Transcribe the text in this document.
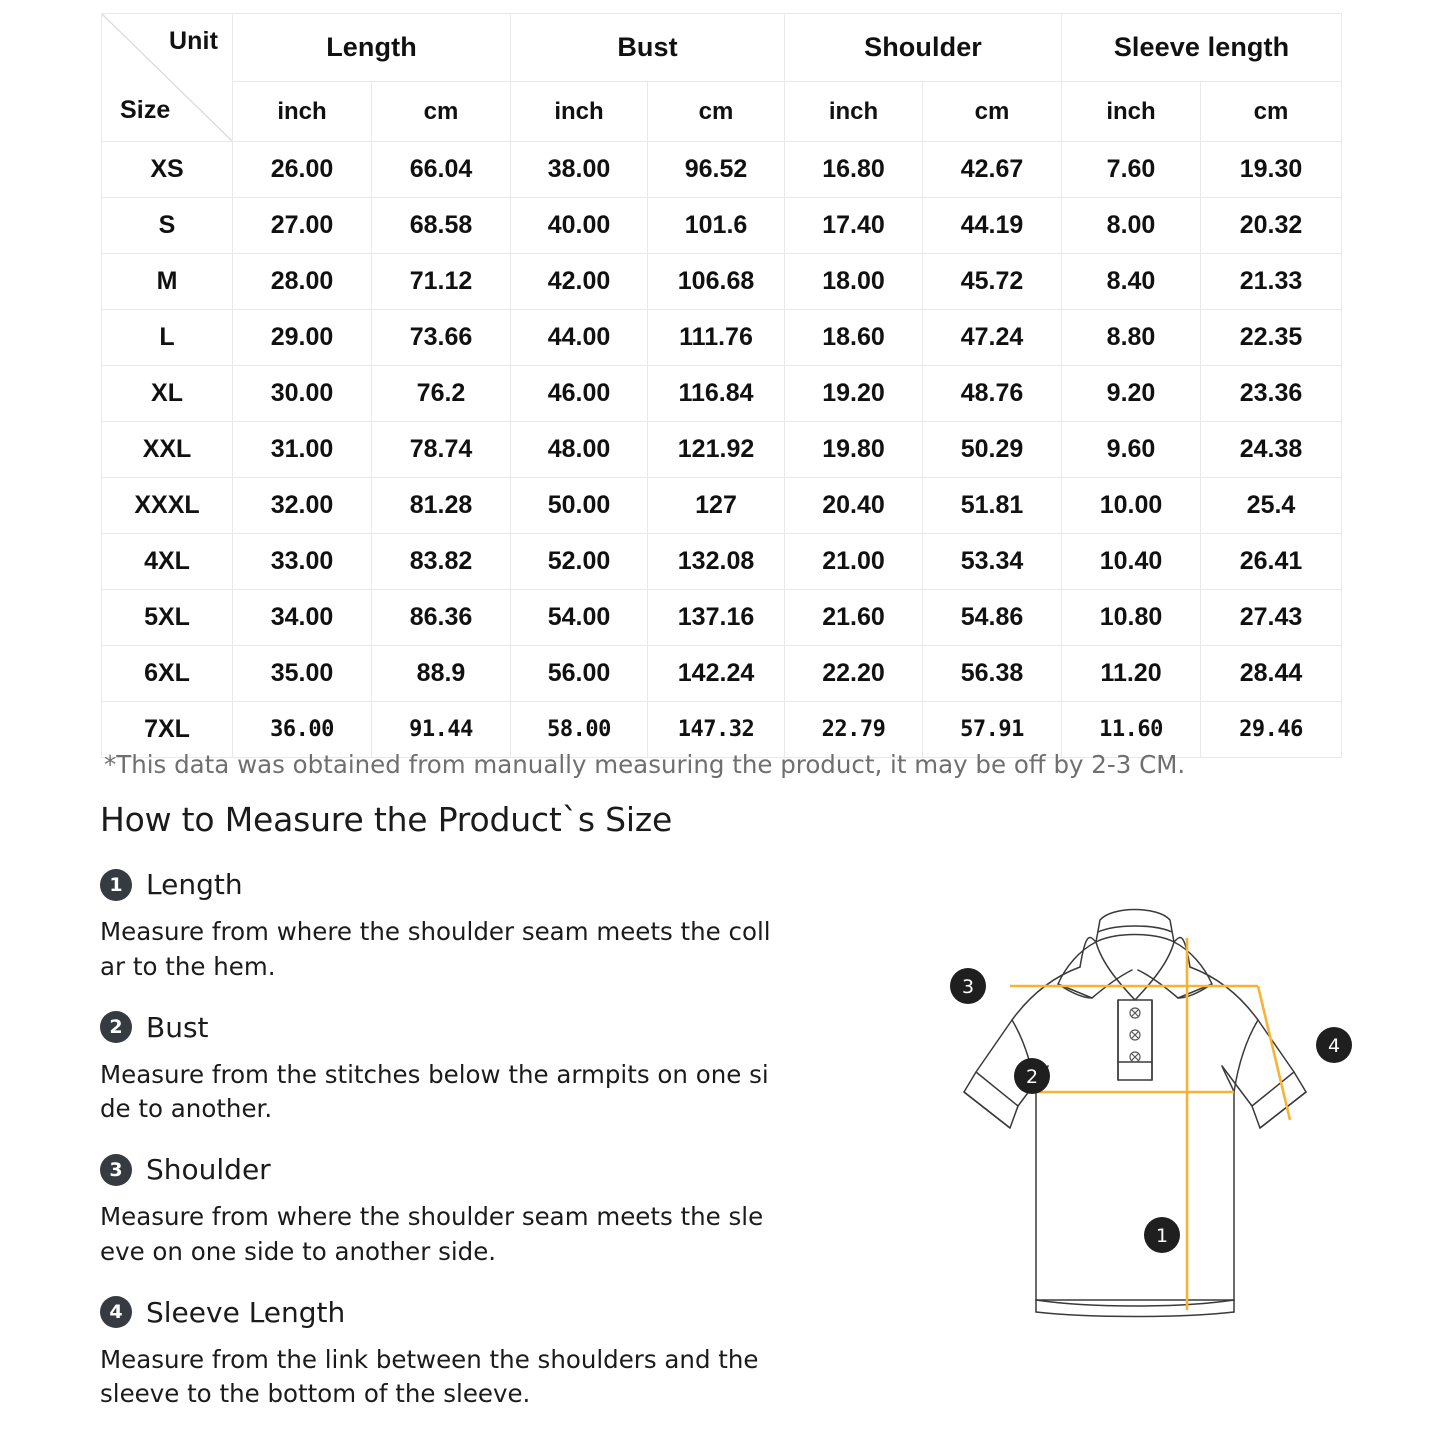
Unit
Size	Length		Bust		Shoulder		Sleeve length	
	inch	cm	inch	cm	inch	cm	inch	cm
XS	26.00	66.04	38.00	96.52	16.80	42.67	7.60	19.30
S	27.00	68.58	40.00	101.6	17.40	44.19	8.00	20.32
M	28.00	71.12	42.00	106.68	18.00	45.72	8.40	21.33
L	29.00	73.66	44.00	111.76	18.60	47.24	8.80	22.35
XL	30.00	76.2	46.00	116.84	19.20	48.76	9.20	23.36
XXL	31.00	78.74	48.00	121.92	19.80	50.29	9.60	24.38
XXXL	32.00	81.28	50.00	127	20.40	51.81	10.00	25.4
4XL	33.00	83.82	52.00	132.08	21.00	53.34	10.40	26.41
5XL	34.00	86.36	54.00	137.16	21.60	54.86	10.80	27.43
6XL	35.00	88.9	56.00	142.24	22.20	56.38	11.20	28.44
7XL	36.00	91.44	58.00	147.32	22.79	57.91	11.60	29.46
*This data was obtained from manually measuring the product, it may be off by 2-3 CM.
How to Measure the Product`s Size
1 Length
Measure from where the shoulder seam meets the collar to the hem.
2 Bust
Measure from the stitches below the armpits on one side to another.
3 Shoulder
Measure from where the shoulder seam meets the sleeve on one side to another side.
4 Sleeve Length
Measure from the link between the shoulders and the sleeve to the bottom of the sleeve.
3
4
2
1
